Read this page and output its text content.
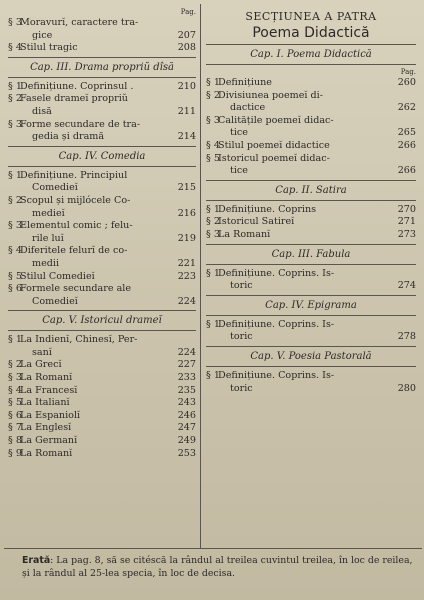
Pag.
§ 3
Moravurĭ, caractere tra-
gice	207
§ 4
Stilul tragic	208
Cap. III. Drama propriŭ dîsă
§ 1
Definițiune. Coprinsul .	210
§ 2
Fasele drameĭ propriŭ
disă	211
§ 3
Forme secundare de tra-
gedia și dramă	214
Cap. IV. Comedia
§ 1
Definițiune. Principiul
Comedieĭ	215
§ 2
Scopul și mijlócele Co-
medieĭ	216
§ 3
Elementul comic ; felu-
rile luĭ	219
§ 4
Diferitele felurĭ de co-
medii	221
§ 5
Stilul Comedieĭ	223
§ 6
Formele secundare ale
Comedieĭ	224
Cap. V. Istoricul drameĭ
§ 1
La Indienĭ, Chinesĭ, Per-
sanĭ	224
§ 2
La Grecĭ	227
§ 3
La Romanĭ	233
§ 4
La Francesĭ	235
§ 5
La Italianĭ	243
§ 6
La Espaniolĭ	246
§ 7
La Englesĭ	247
§ 8
La Germanĭ	249
§ 9
La Romanĭ	253
SECȚIUNEA A PATRA
Poema Didactică
Cap. I. Poema Didactică
Pag.
§ 1
Definițiune	260
§ 2
Divisiunea poemeĭ di-
dactice	262
§ 3
Calitățile poemeĭ didac-
tice	265
§ 4
Stilul poemeĭ didactice	266
§ 5
Istoricul poemeĭ didac-
tice	266
Cap. II. Satira
§ 1
Definițiune. Coprins	270
§ 2
Istoricul Satireĭ	271
§ 3
La Romanĭ	273
Cap. III. Fabula
§ 1
Definițiune. Coprins. Is-
toric	274
Cap. IV. Epigrama
§ 1
Definițiune. Coprins. Is-
toric	278
Cap. V. Poesia Pastorală
§ 1
Definițiune. Coprins. Is-
toric	280
Erată: La pag. 8, să se citéscă la rândul al treilea cuvintul treilea, în loc de reilea, și la rândul al 25-lea specia, în loc de decisa.
